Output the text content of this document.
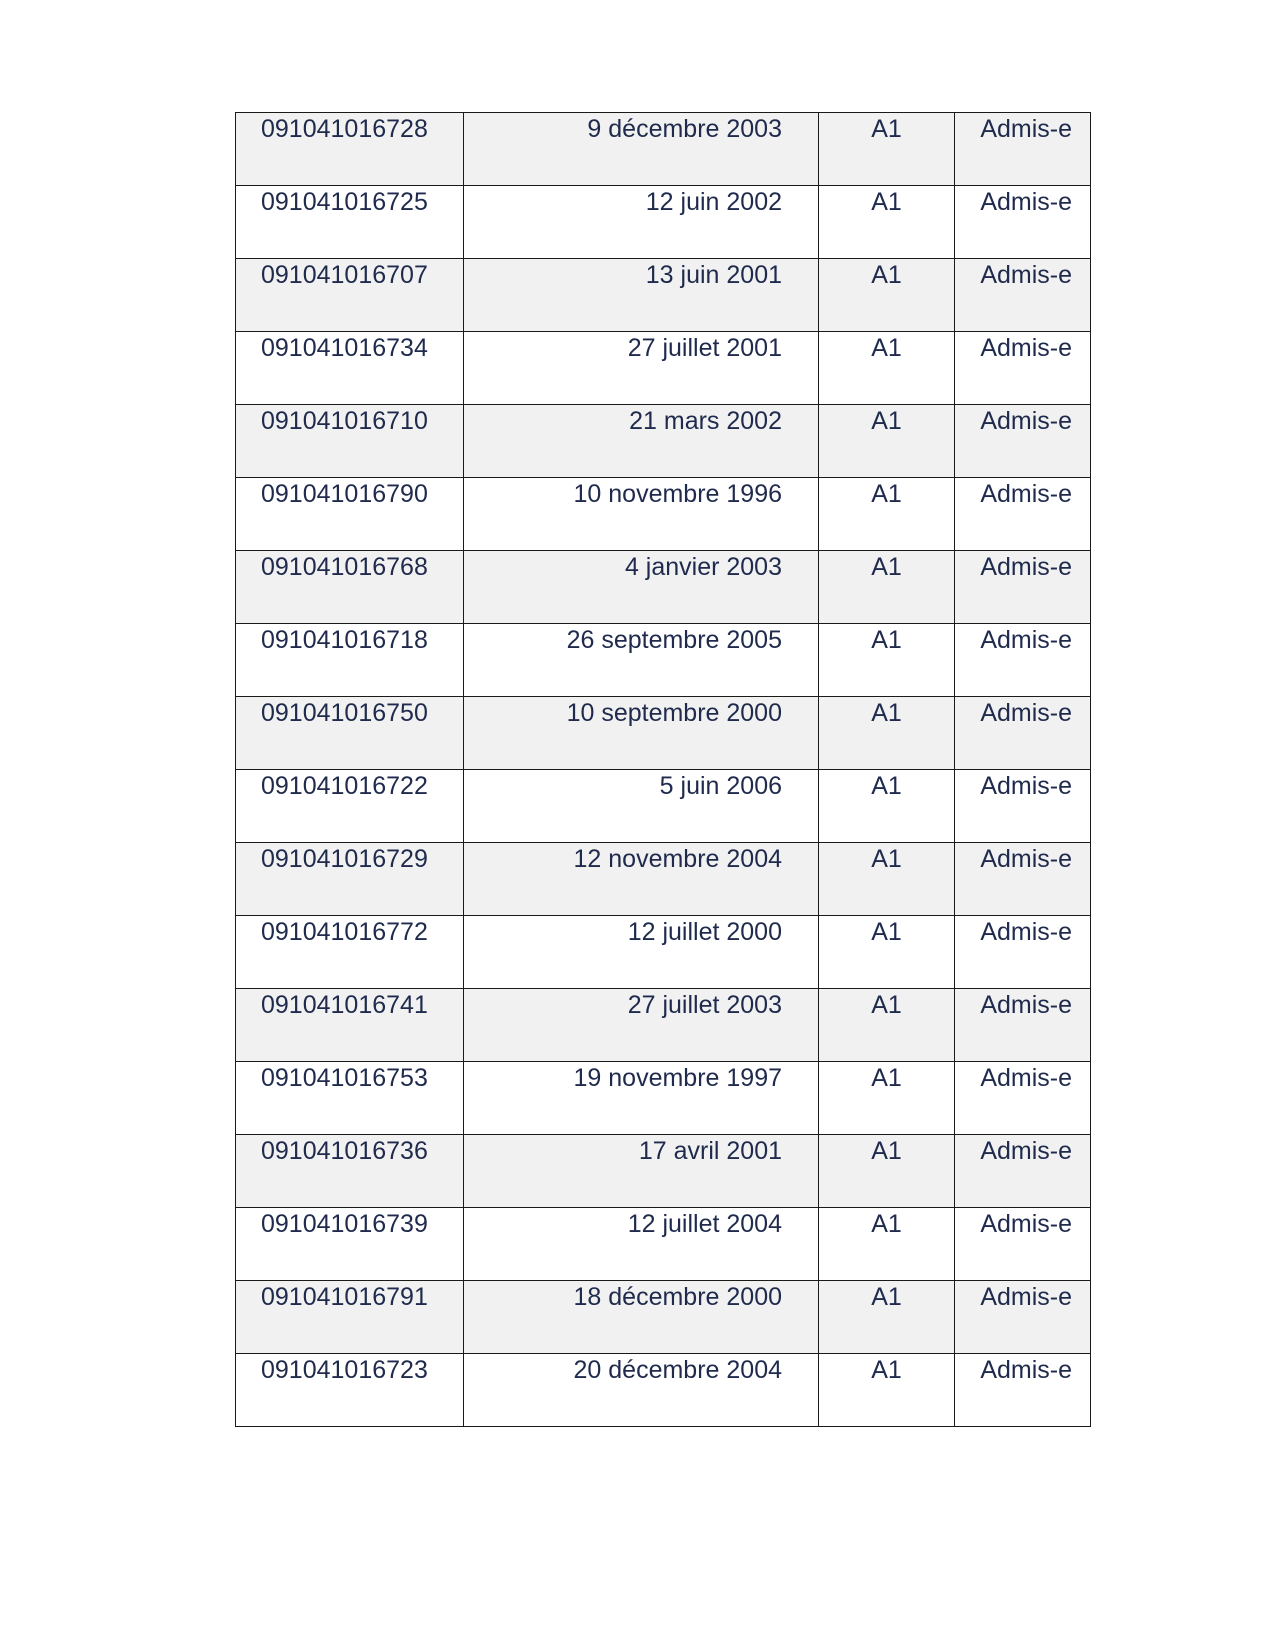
091041016728	9 décembre 2003	A1	Admis-e
091041016725	12 juin 2002	A1	Admis-e
091041016707	13 juin 2001	A1	Admis-e
091041016734	27 juillet 2001	A1	Admis-e
091041016710	21 mars 2002	A1	Admis-e
091041016790	10 novembre 1996	A1	Admis-e
091041016768	4 janvier 2003	A1	Admis-e
091041016718	26 septembre 2005	A1	Admis-e
091041016750	10 septembre 2000	A1	Admis-e
091041016722	5 juin 2006	A1	Admis-e
091041016729	12 novembre 2004	A1	Admis-e
091041016772	12 juillet 2000	A1	Admis-e
091041016741	27 juillet 2003	A1	Admis-e
091041016753	19 novembre 1997	A1	Admis-e
091041016736	17 avril 2001	A1	Admis-e
091041016739	12 juillet 2004	A1	Admis-e
091041016791	18 décembre 2000	A1	Admis-e
091041016723	20 décembre 2004	A1	Admis-e
